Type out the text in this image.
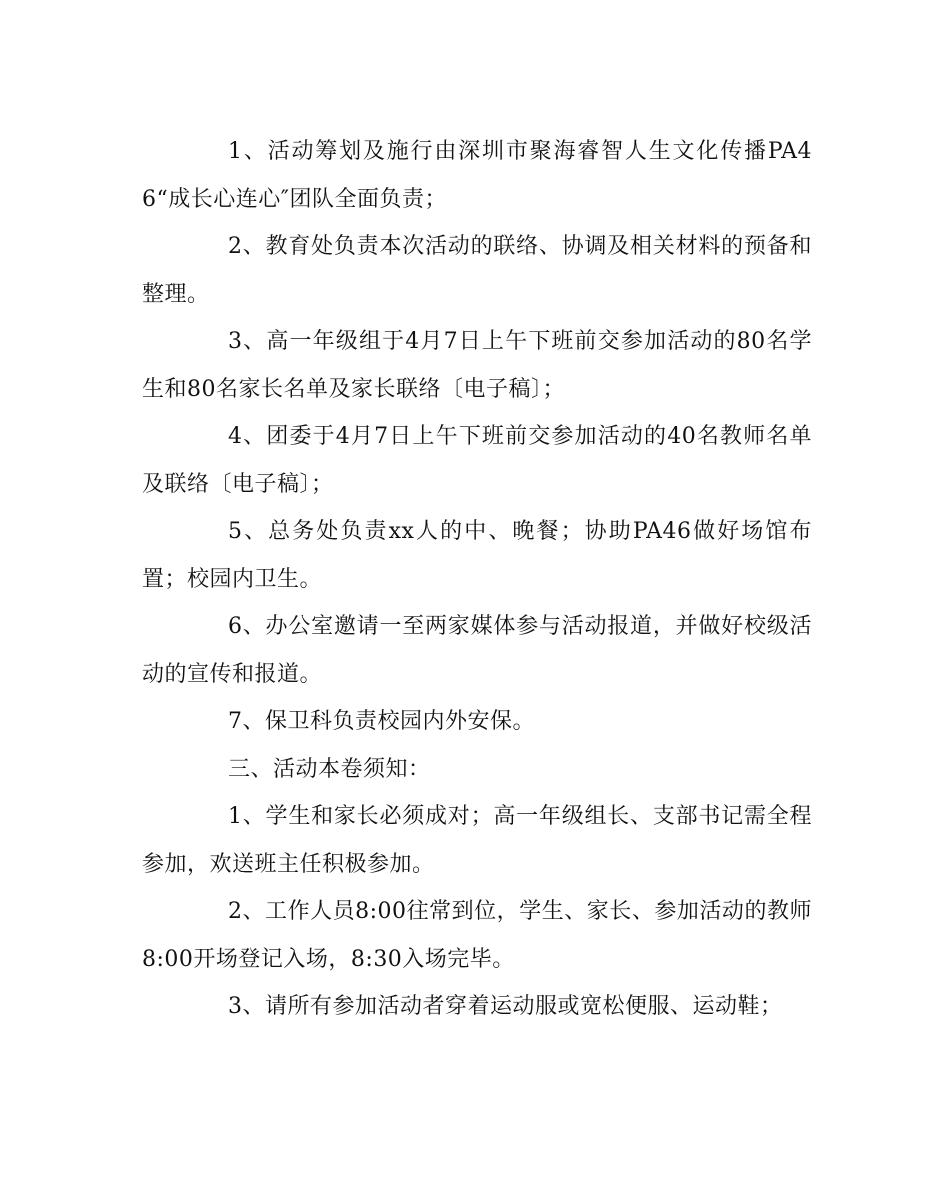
1、活动筹划及施行由深圳市聚海睿智人生文化传播PA46“成长心连心″团队全面负责；

2、教育处负责本次活动的联络、协调及相关材料的预备和整理。

3、高一年级组于4月7日上午下班前交参加活动的80名学生和80名家长名单及家长联络〔电子稿〕；

4、团委于4月7日上午下班前交参加活动的40名教师名单及联络〔电子稿〕；

5、总务处负责xx人的中、晚餐；协助PA46做好场馆布置；校园内卫生。

6、办公室邀请一至两家媒体参与活动报道，并做好校级活动的宣传和报道。

7、保卫科负责校园内外安保。

三、活动本卷须知：

1、学生和家长必须成对；高一年级组长、支部书记需全程参加，欢送班主任积极参加。

2、工作人员8:00往常到位，学生、家长、参加活动的教师8:00开场登记入场，8:30入场完毕。

3、请所有参加活动者穿着运动服或宽松便服、运动鞋；
